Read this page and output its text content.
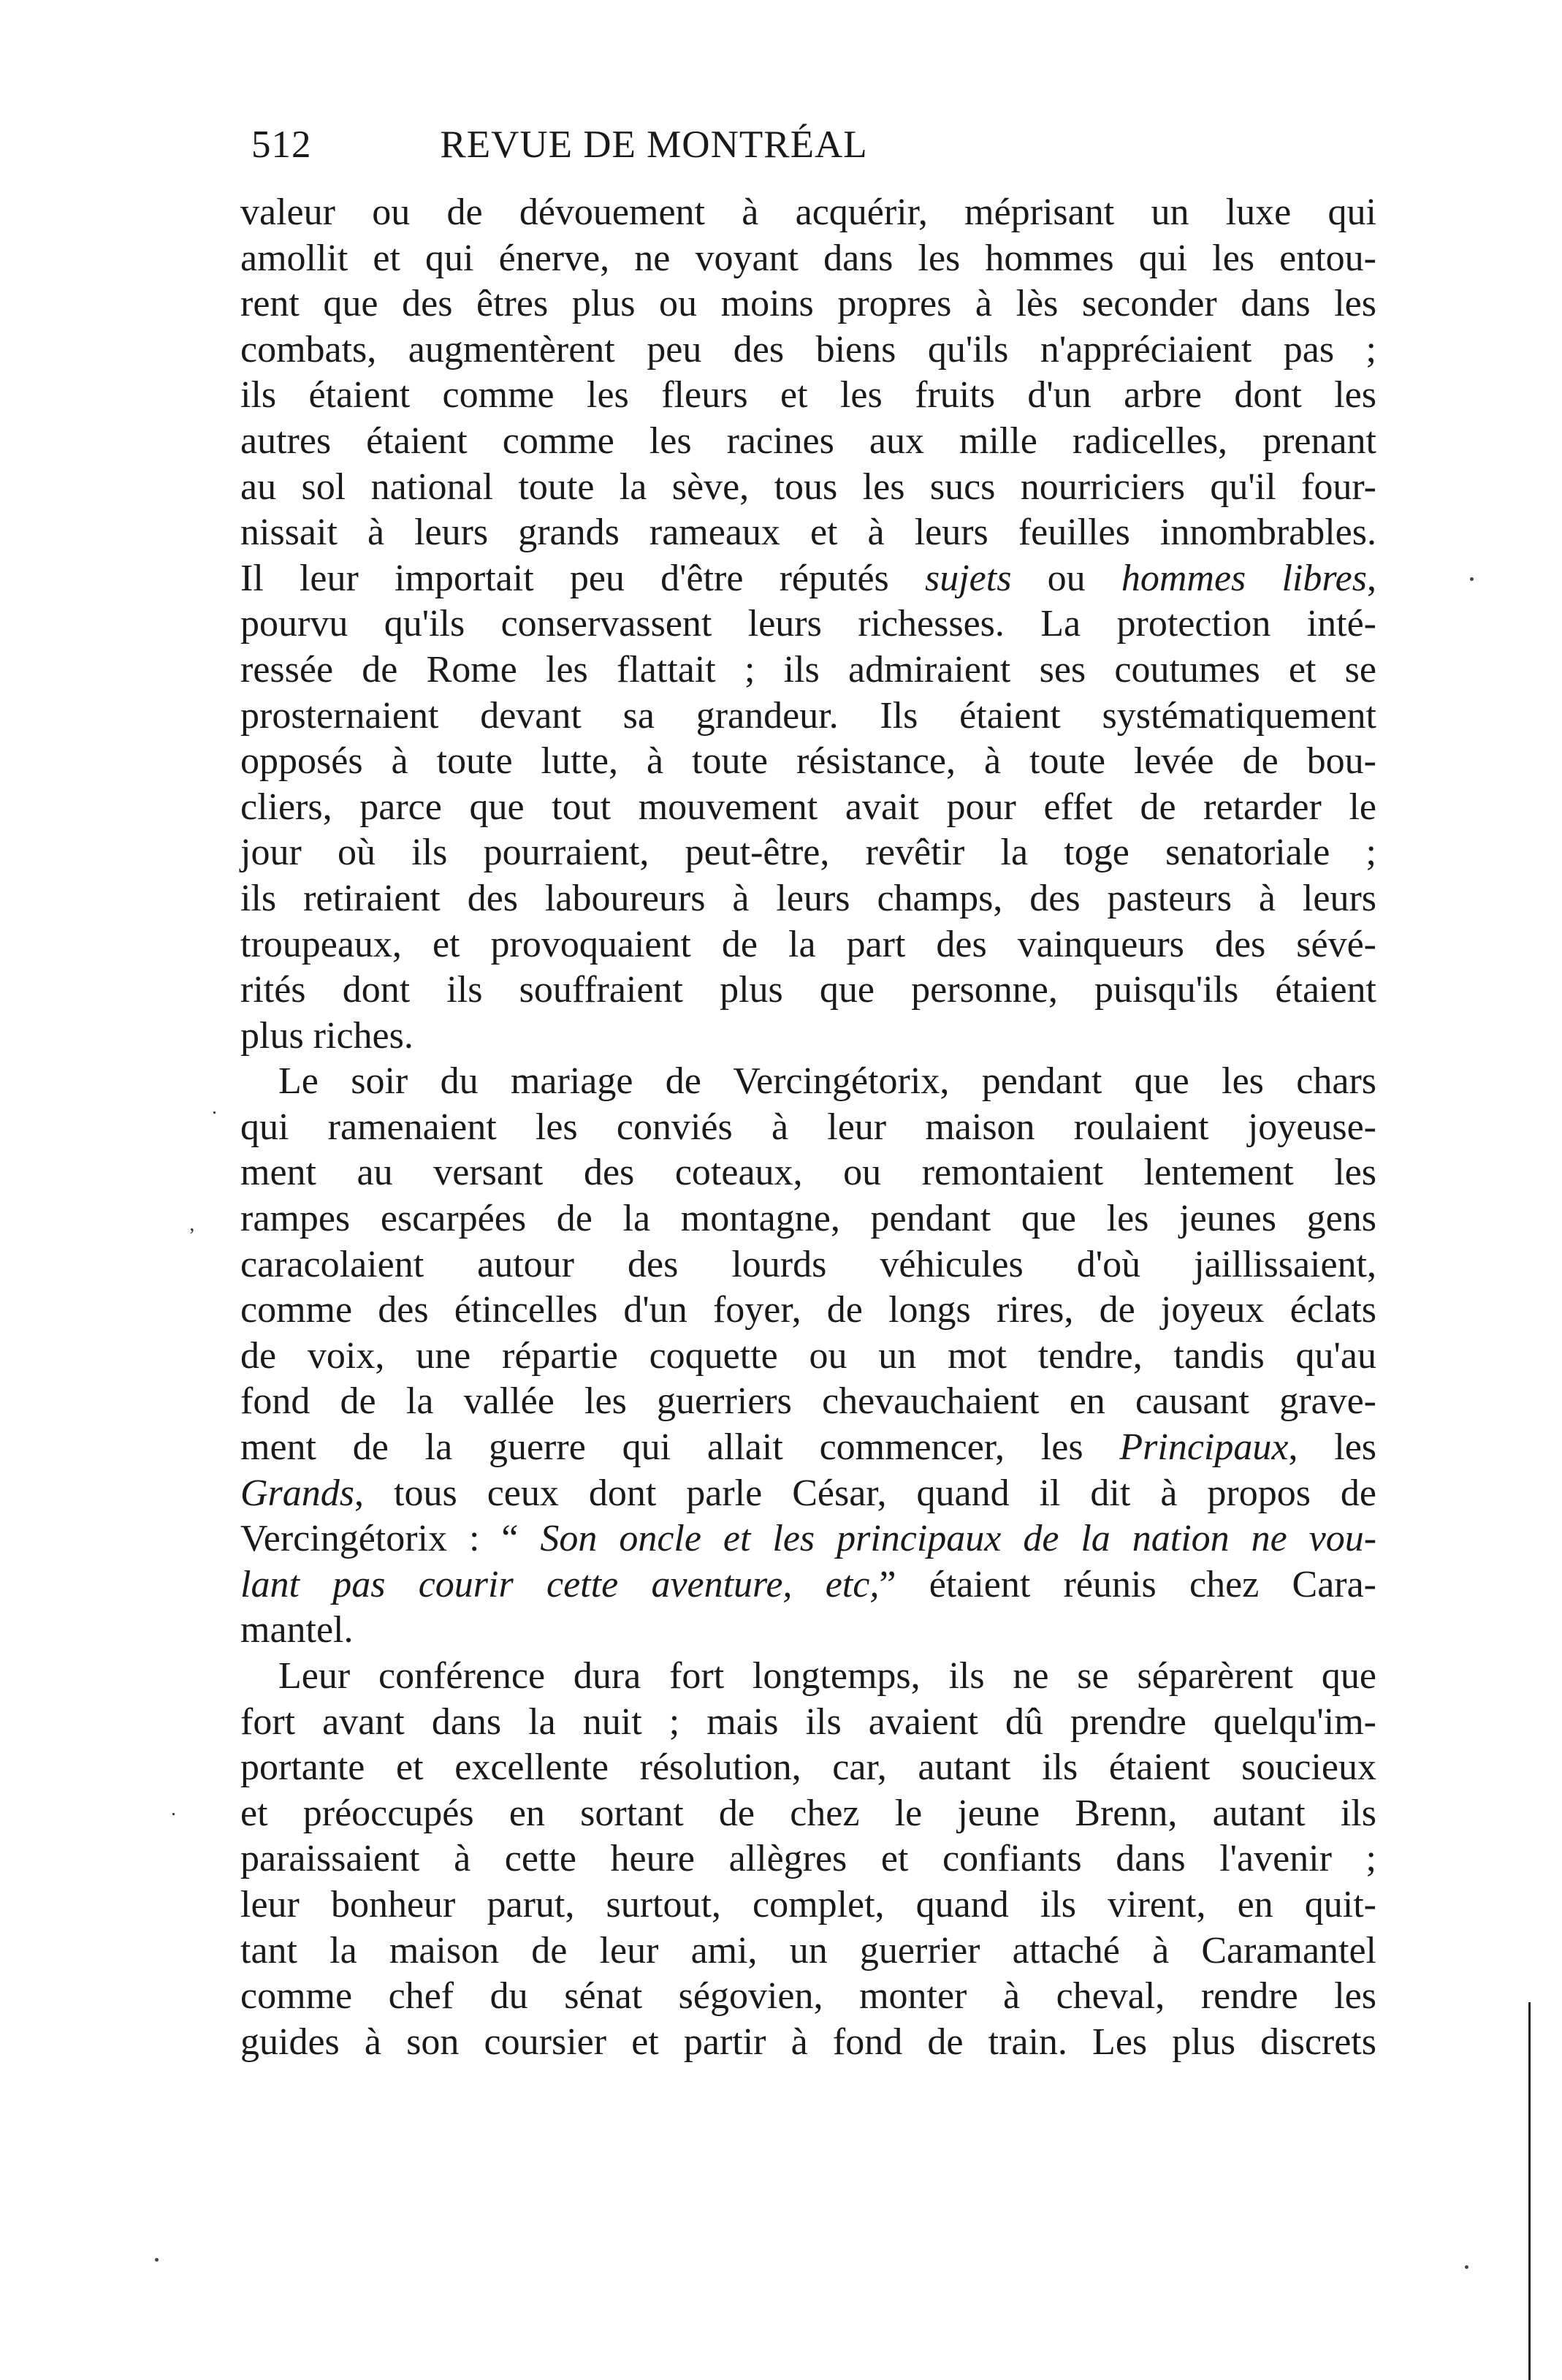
512	REVUE DE MONTRÉAL
valeur ou de dévouement à acquérir, méprisant un luxe qui
amollit et qui énerve, ne voyant dans les hommes qui les entou-
rent que des êtres plus ou moins propres à lès seconder dans les
combats, augmentèrent peu des biens qu'ils n'appréciaient pas ;
ils étaient comme les fleurs et les fruits d'un arbre dont les
autres étaient comme les racines aux mille radicelles, prenant
au sol national toute la sève, tous les sucs nourriciers qu'il four-
nissait à leurs grands rameaux et à leurs feuilles innombrables.
Il leur importait peu d'être réputés sujets ou hommes libres,
pourvu qu'ils conservassent leurs richesses. La protection inté-
ressée de Rome les flattait ; ils admiraient ses coutumes et se
prosternaient devant sa grandeur. Ils étaient systématiquement
opposés à toute lutte, à toute résistance, à toute levée de bou-
cliers, parce que tout mouvement avait pour effet de retarder le
jour où ils pourraient, peut-être, revêtir la toge senatoriale ;
ils retiraient des laboureurs à leurs champs, des pasteurs à leurs
troupeaux, et provoquaient de la part des vainqueurs des sévé-
rités dont ils souffraient plus que personne, puisqu'ils étaient
plus riches.
Le soir du mariage de Vercingétorix, pendant que les chars
qui ramenaient les conviés à leur maison roulaient joyeuse-
ment au versant des coteaux, ou remontaient lentement les
rampes escarpées de la montagne, pendant que les jeunes gens
caracolaient autour des lourds véhicules d'où jaillissaient,
comme des étincelles d'un foyer, de longs rires, de joyeux éclats
de voix, une répartie coquette ou un mot tendre, tandis qu'au
fond de la vallée les guerriers chevauchaient en causant grave-
ment de la guerre qui allait commencer, les Principaux, les
Grands, tous ceux dont parle César, quand il dit à propos de
Vercingétorix : “ Son oncle et les principaux de la nation ne vou-
lant pas courir cette aventure, etc,” étaient réunis chez Cara-
mantel.
Leur conférence dura fort longtemps, ils ne se séparèrent que
fort avant dans la nuit ; mais ils avaient dû prendre quelqu'im-
portante et excellente résolution, car, autant ils étaient soucieux
et préoccupés en sortant de chez le jeune Brenn, autant ils
paraissaient à cette heure allègres et confiants dans l'avenir ;
leur bonheur parut, surtout, complet, quand ils virent, en quit-
tant la maison de leur ami, un guerrier attaché à Caramantel
comme chef du sénat ségovien, monter à cheval, rendre les
guides à son coursier et partir à fond de train. Les plus discrets
‚
.
.
